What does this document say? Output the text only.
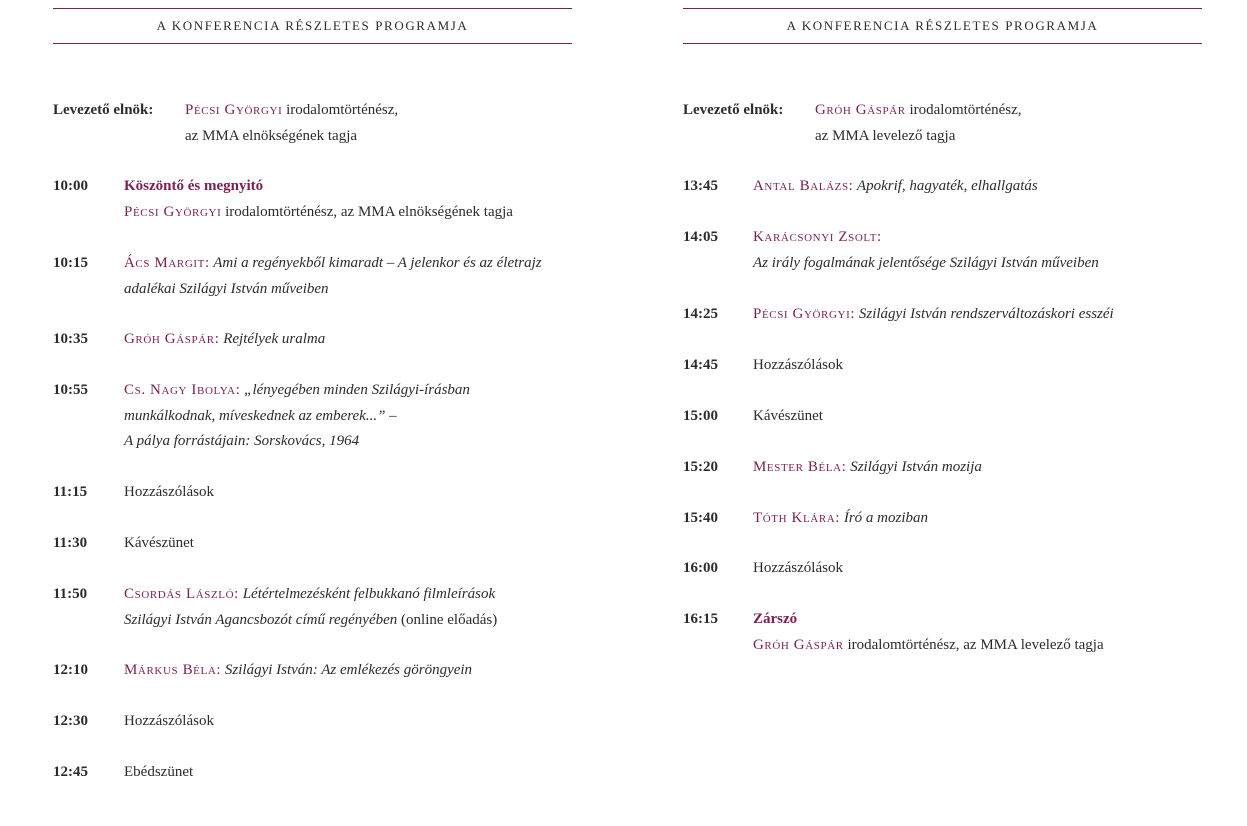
A KONFERENCIA RÉSZLETES PROGRAMJA
Levezető elnök: Pécsi Györgyi irodalomtörténész,
az MMA elnökségének tagja
10:00 Köszöntő és megnyitó
Pécsi Györgyi irodalomtörténész, az MMA elnökségének tagja
10:15 Ács Margit: Ami a regényekből kimaradt – A jelenkor és az életrajz
adalékai Szilágyi István műveiben
10:35 Gróh Gáspár: Rejtélyek uralma
10:55 Cs. Nagy Ibolya: „lényegében minden Szilágyi-írásban
munkálkodnak, míveskednek az emberek...” –
A pálya forrástájain: Sorskovács, 1964
11:15 Hozzászólások
11:30 Kávészünet
11:50 Csordás László: Létértelmezésként felbukkanó filmleírások
Szilágyi István Agancsbozót című regényében (online előadás)
12:10 Márkus Béla: Szilágyi István: Az emlékezés göröngyein
12:30 Hozzászólások
12:45 Ebédszünet
A KONFERENCIA RÉSZLETES PROGRAMJA
Levezető elnök: Gróh Gáspár irodalomtörténész,
az MMA levelező tagja
13:45 Antal Balázs: Apokrif, hagyaték, elhallgatás
14:05 Karácsonyi Zsolt:
Az irály fogalmának jelentősége Szilágyi István műveiben
14:25 Pécsi Györgyi: Szilágyi István rendszerváltozáskori esszéi
14:45 Hozzászólások
15:00 Kávészünet
15:20 Mester Béla: Szilágyi István mozija
15:40 Tóth Klára: Író a moziban
16:00 Hozzászólások
16:15 Zárszó
Gróh Gáspár irodalomtörténész, az MMA levelező tagja
